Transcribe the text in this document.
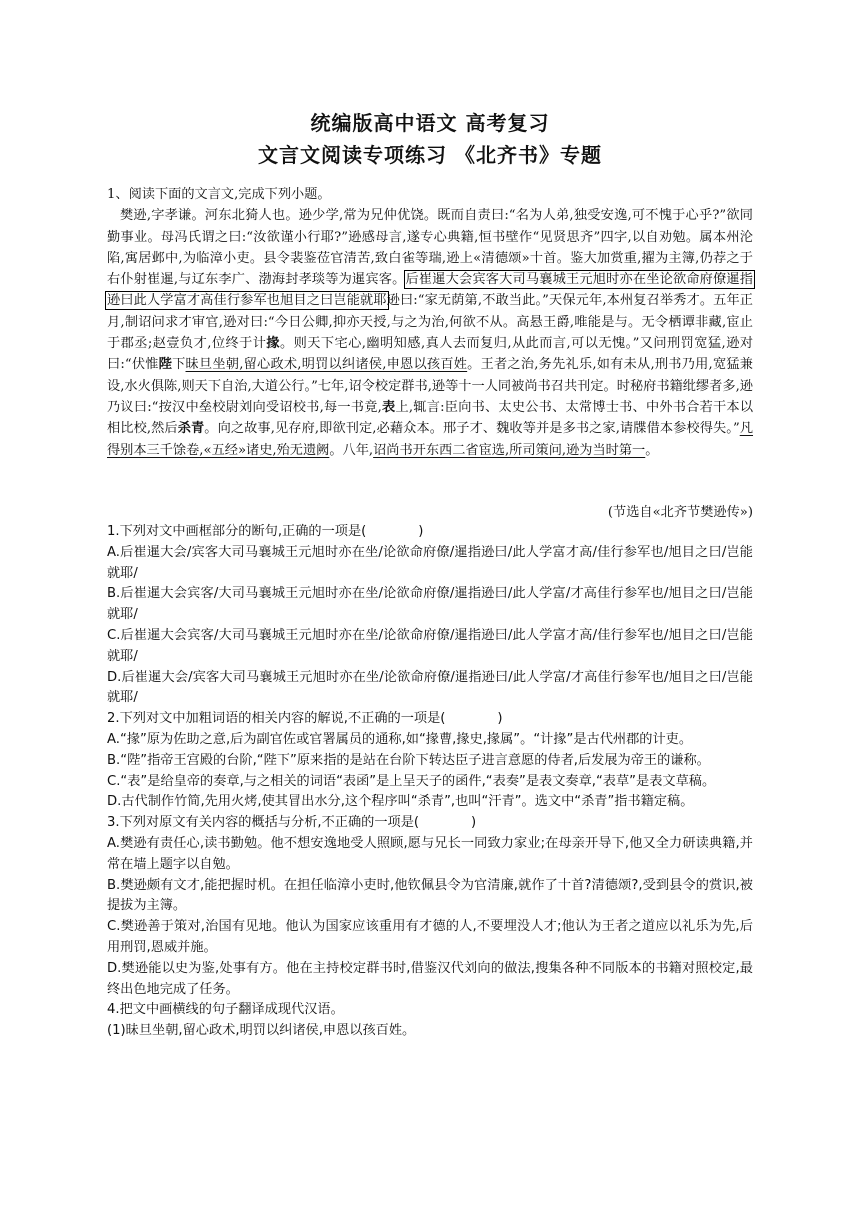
统编版高中语文 高考复习
文言文阅读专项练习 《北齐书》专题

1、阅读下面的文言文,完成下列小题。

樊逊,字孝谦。河东北猗人也。逊少学,常为兄仲优饶。既而自责曰:“名为人弟,独受安逸,可不愧于心乎?”欲同勤事业。母冯氏谓之曰:“汝欲谨小行耶?”逊感母言,遂专心典籍,恒书壁作“见贤思齐”四字,以自劝勉。属本州沦陷,寓居邺中,为临漳小吏。县令裴鉴莅官清苦,致白雀等瑞,逊上«清德颂»十首。鉴大加赏重,擢为主簿,仍荐之于右仆射崔暹,与辽东李广、渤海封孝琰等为暹宾客。后崔暹大会宾客大司马襄城王元旭时亦在坐论欲命府僚暹指逊曰此人学富才高佳行参军也旭目之曰岂能就耶逊曰:“家无荫第,不敢当此。”天保元年,本州复召举秀才。五年正月,制诏问求才审官,逊对曰:“今日公卿,抑亦天授,与之为治,何欲不从。高悬王爵,唯能是与。无令栖谭非藏,宦止于郡丞;赵壹负才,位终于计掾。则天下宅心,幽明知感,真人去而复归,从此而言,可以无愧。”又问刑罚宽猛,逊对曰:“伏惟陛下昧旦坐朝,留心政术,明罚以纠诸侯,申恩以孩百姓。王者之治,务先礼乐,如有未从,刑书乃用,宽猛兼设,水火俱陈,则天下自治,大道公行。”七年,诏令校定群书,逊等十一人同被尚书召共刊定。时秘府书籍纰缪者多,逊乃议曰:“按汉中垒校尉刘向受诏校书,每一书竟,表上,辄言:臣向书、太史公书、太常博士书、中外书合若干本以相比校,然后杀青。向之故事,见存府,即欲刊定,必藉众本。邢子才、魏收等并是多书之家,请牒借本参校得失。”凡得别本三千馀卷,«五经»诸史,殆无遗阙。八年,诏尚书开东西二省宦选,所司策问,逊为当时第一。

(节选自«北齐节樊逊传»)
1.下列对文中画框部分的断句,正确的一项是(	)
A.后崔暹大会/宾客大司马襄城王元旭时亦在坐/论欲命府僚/暹指逊曰/此人学富才高/佳行参军也/旭目之曰/岂能就耶/
B.后崔暹大会宾客/大司马襄城王元旭时亦在坐/论欲命府僚/暹指逊曰/此人学富/才高佳行参军也/旭目之曰/岂能就耶/
C.后崔暹大会宾客/大司马襄城王元旭时亦在坐/论欲命府僚/暹指逊曰/此人学富才高/佳行参军也/旭目之曰/岂能就耶/
D.后崔暹大会/宾客大司马襄城王元旭时亦在坐/论欲命府僚/暹指逊曰/此人学富/才高佳行参军也/旭目之曰/岂能就耶/
2.下列对文中加粗词语的相关内容的解说,不正确的一项是(	)
A.“掾”原为佐助之意,后为副官佐或官署属员的通称,如“掾曹,掾史,掾属”。“计掾”是古代州郡的计吏。
B.“陛”指帝王宫殿的台阶,“陛下”原来指的是站在台阶下转达臣子进言意愿的侍者,后发展为帝王的谦称。
C.“表”是给皇帝的奏章,与之相关的词语“表函”是上呈天子的函件,“表奏”是表文奏章,“表草”是表文草稿。
D.古代制作竹简,先用火烤,使其冒出水分,这个程序叫“杀青”,也叫“汗青”。选文中“杀青”指书籍定稿。
3.下列对原文有关内容的概括与分析,不正确的一项是(	)
A.樊逊有责任心,读书勤勉。他不想安逸地受人照顾,愿与兄长一同致力家业;在母亲开导下,他又全力研读典籍,并常在墙上题字以自勉。
B.樊逊颇有文才,能把握时机。在担任临漳小吏时,他钦佩县令为官清廉,就作了十首?清德颂?,受到县令的赏识,被提拔为主簿。
C.樊逊善于策对,治国有见地。他认为国家应该重用有才德的人,不要埋没人才;他认为王者之道应以礼乐为先,后用刑罚,恩威并施。
D.樊逊能以史为鉴,处事有方。他在主持校定群书时,借鉴汉代刘向的做法,搜集各种不同版本的书籍对照校定,最终出色地完成了任务。
4.把文中画横线的句子翻译成现代汉语。
(1)昧旦坐朝,留心政术,明罚以纠诸侯,申恩以孩百姓。
